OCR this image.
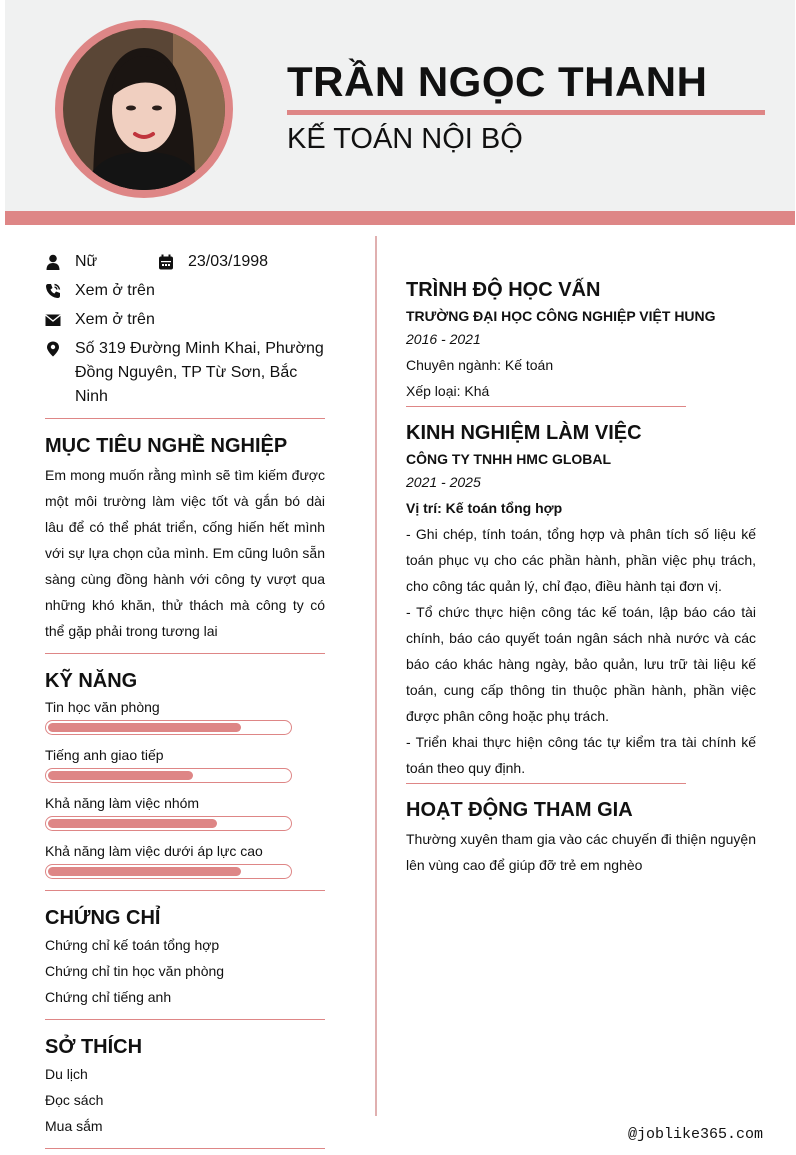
TRẦN NGỌC THANH
KẾ TOÁN NỘI BỘ
Nữ	23/03/1998
Xem ở trên
Xem ở trên
Số 319 Đường Minh Khai, Phường Đồng Nguyên, TP Từ Sơn, Bắc Ninh
MỤC TIÊU NGHỀ NGHIỆP
Em mong muốn rằng mình sẽ tìm kiếm được một môi trường làm việc tốt và gắn bó dài lâu để có thể phát triển, cống hiến hết mình với sự lựa chọn của mình. Em cũng luôn sẵn sàng cùng đồng hành với công ty vượt qua những khó khăn, thử thách mà công ty có thể gặp phải trong tương lai
KỸ NĂNG
Tin học văn phòng
Tiếng anh giao tiếp
Khả năng làm việc nhóm
Khả năng làm việc dưới áp lực cao
CHỨNG CHỈ
Chứng chỉ kế toán tổng hợp
Chứng chỉ tin học văn phòng
Chứng chỉ tiếng anh
SỞ THÍCH
Du lịch
Đọc sách
Mua sắm
TRÌNH ĐỘ HỌC VẤN
TRƯỜNG ĐẠI HỌC CÔNG NGHIỆP VIỆT HUNG
2016 - 2021
Chuyên ngành: Kế toán
Xếp loại: Khá
KINH NGHIỆM LÀM VIỆC
CÔNG TY TNHH HMC GLOBAL
2021 - 2025
Vị trí: Kế toán tổng hợp
- Ghi chép, tính toán, tổng hợp và phân tích số liệu kế toán phục vụ cho các phần hành, phần việc phụ trách, cho công tác quản lý, chỉ đạo, điều hành tại đơn vị.
- Tổ chức thực hiện công tác kế toán, lập báo cáo tài chính, báo cáo quyết toán ngân sách nhà nước và các báo cáo khác hàng ngày, bảo quản, lưu trữ tài liệu kế toán, cung cấp thông tin thuộc phần hành, phần việc được phân công hoặc phụ trách.
- Triển khai thực hiện công tác tự kiểm tra tài chính kế toán theo quy định.
HOẠT ĐỘNG THAM GIA
Thường xuyên tham gia vào các chuyến đi thiện nguyện lên vùng cao để giúp đỡ trẻ em nghèo
@joblike365.com
